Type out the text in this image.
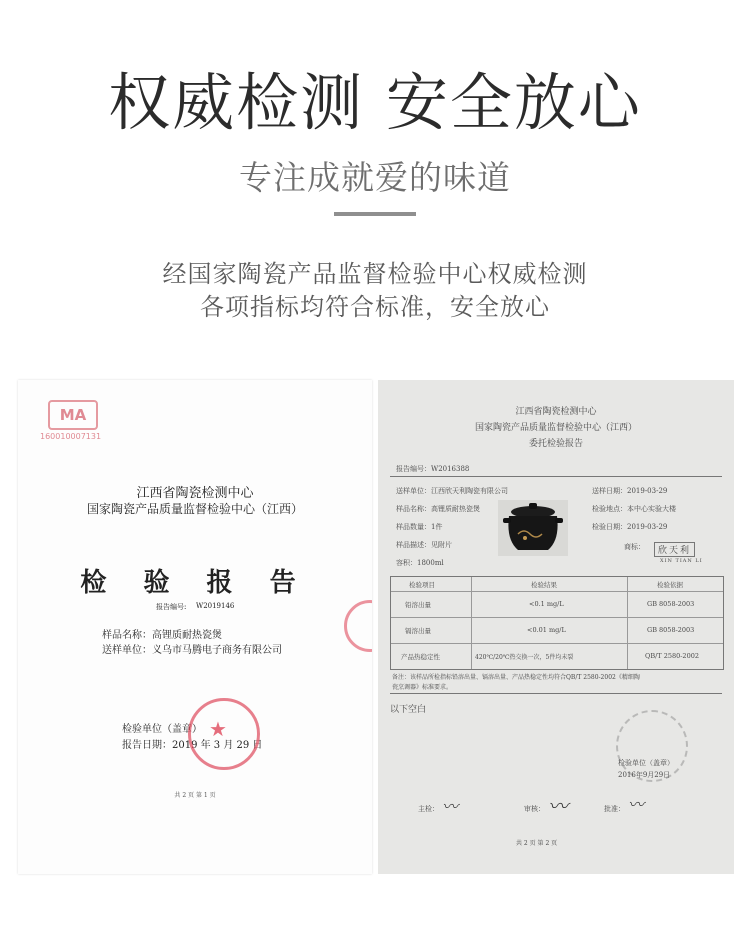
权威检测 安全放心
专注成就爱的味道
经国家陶瓷产品监督检验中心权威检测
各项指标均符合标准，安全放心
MA
160010007131
江西省陶瓷检测中心
国家陶瓷产品质量监督检验中心（江西）
检 验 报 告
报告编号: W2019146
样品名称：高锂质耐热瓷煲
送样单位：义乌市马腾电子商务有限公司
检验单位（盖章）
报告日期：2019 年 3 月 29 日
★
共 2 页 第 1 页
江西省陶瓷检测中心
国家陶瓷产品质量监督检验中心（江西）
委托检验报告
报告编号：W2016388
送样单位：江西欣天利陶瓷有限公司	送样日期：2019-03-29
样品名称：高锂质耐热瓷煲	检验地点：本中心实验大楼
样品数量：1件	检验日期：2019-03-29
样品描述：见附片	商标：
容积：1800ml
欣天利
XIN TIAN LI
检验项目	检验结果	检验依据
铅溶出量	<0.1 mg/L	GB 8058-2003
镉溶出量	<0.01 mg/L	GB 8058-2003
产品热稳定性	420℃/20℃热交换一次，5件均未裂	QB/T 2580-2002
备注：该样品所检指标铅溶出量、镉溶出量、产品热稳定性均符合QB/T 2580-2002《精细陶
瓷烹调器》标准要求。
以下空白
检验单位（盖章）
2016年9月29日
主检： 〰	审核： 〰	批准： 〰
共 2 页 第 2 页
